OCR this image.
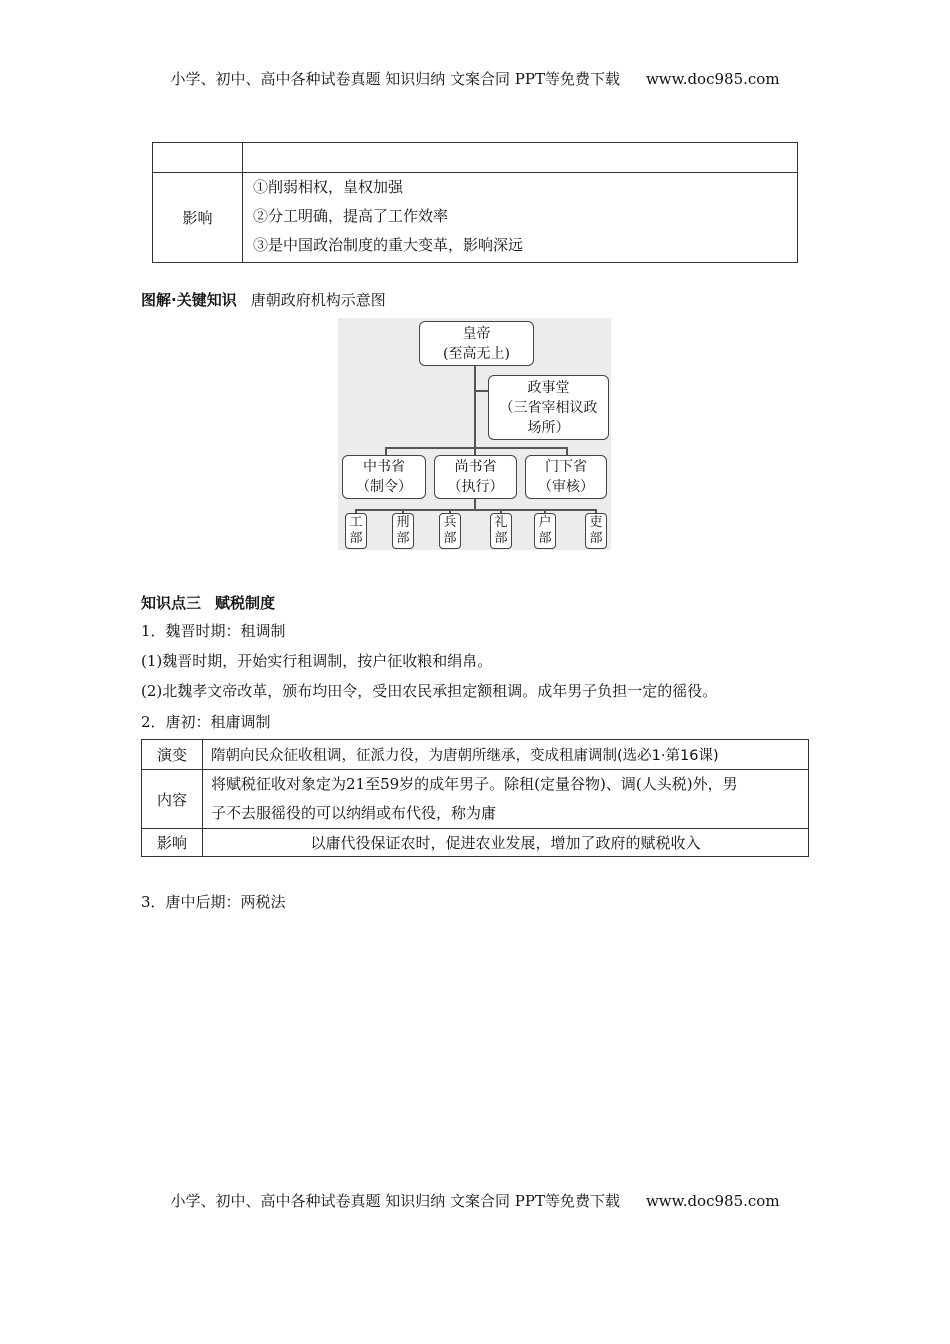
小学、初中、高中各种试卷真题 知识归纳 文案合同 PPT等免费下载 www.doc985.com

影响	①削弱相权，皇权加强
②分工明确，提高了工作效率
③是中国政治制度的重大变革，影响深远
图解·关键知识 唐朝政府机构示意图
皇帝
(至高无上)
政事堂
（三省宰相议政
场所）
中书省
（制令）
尚书省
（执行）
门下省
（审核）
工
部
刑
部
兵
部
礼
部
户
部
吏
部
知识点三 赋税制度
1．魏晋时期：租调制
(1)魏晋时期，开始实行租调制，按户征收粮和绢帛。
(2)北魏孝文帝改革，颁布均田令，受田农民承担定额租调。成年男子负担一定的徭役。
2．唐初：租庸调制
演变	隋朝向民众征收租调，征派力役，为唐朝所继承，变成租庸调制(选必1·第16课)
内容	将赋税征收对象定为21至59岁的成年男子。除租(定量谷物)、调(人头税)外，男
子不去服徭役的可以纳绢或布代役，称为庸

影响	以庸代役保证农时，促进农业发展，增加了政府的赋税收入
3．唐中后期：两税法
小学、初中、高中各种试卷真题 知识归纳 文案合同 PPT等免费下载 www.doc985.com
